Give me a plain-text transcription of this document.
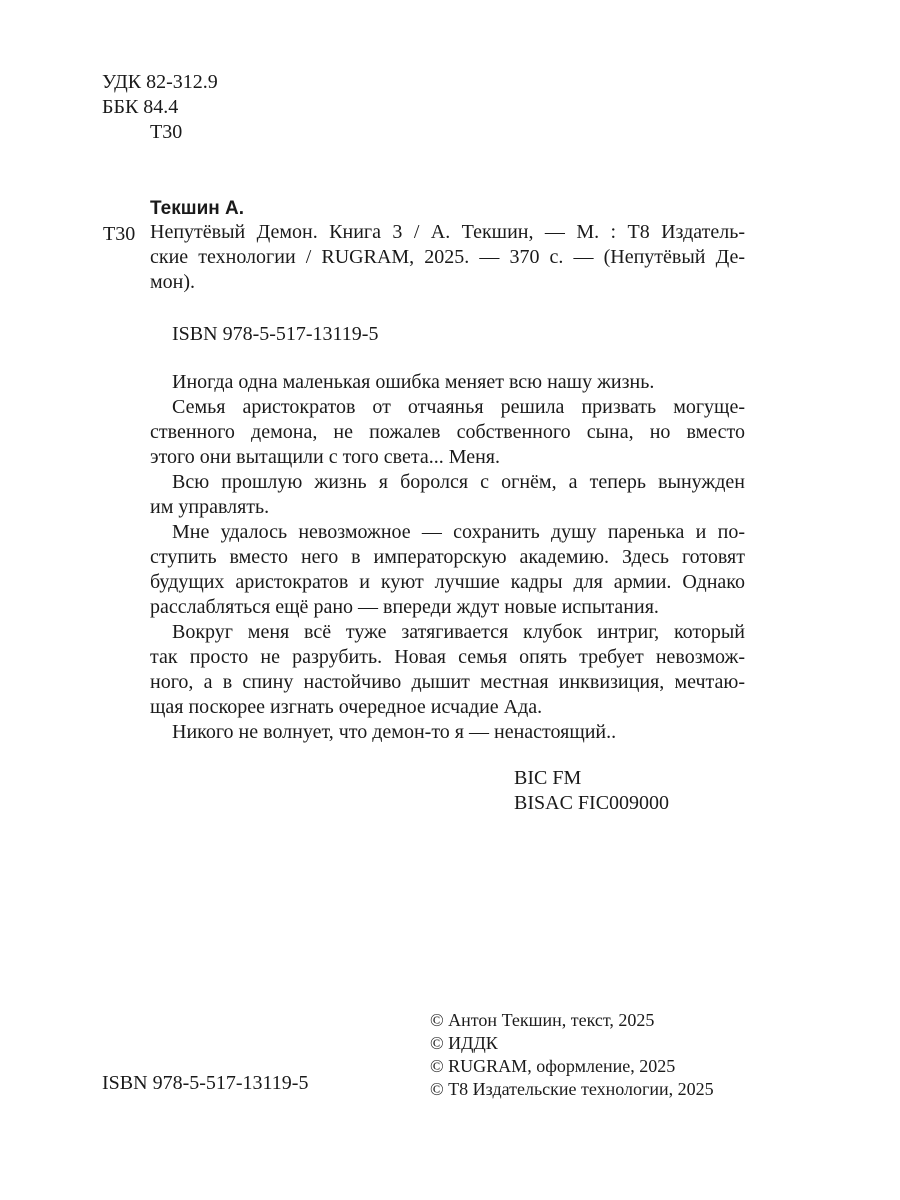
УДК 82-312.9
ББК 84.4
Т30
Текшин А.
Т30 Непутёвый Демон. Книга 3 / А. Текшин, — М. : Т8 Издатель-
ские технологии / RUGRAM, 2025. — 370 с. — (Непутёвый Де-
мон).
ISBN 978-5-517-13119-5

Иногда одна маленькая ошибка меняет всю нашу жизнь.

Семья аристократов от отчаянья решила призвать могуще-
ственного демона, не пожалев собственного сына, но вместо
этого они вытащили с того света... Меня.

Всю прошлую жизнь я боролся с огнём, а теперь вынужден
им управлять.

Мне удалось невозможное — сохранить душу паренька и по-
ступить вместо него в императорскую академию. Здесь готовят
будущих аристократов и куют лучшие кадры для армии. Однако
расслабляться ещё рано — впереди ждут новые испытания.

Вокруг меня всё туже затягивается клубок интриг, который
так просто не разрубить. Новая семья опять требует невозмож-
ного, а в спину настойчиво дышит местная инквизиция, мечтаю-
щая поскорее изгнать очередное исчадие Ада.

Никого не волнует, что демон-то я — ненастоящий..

BIC FM
BISAC FIC009000
© Антон Текшин, текст, 2025
© ИДДК
© RUGRAM, оформление, 2025
© Т8 Издательские технологии, 2025
ISBN 978-5-517-13119-5
